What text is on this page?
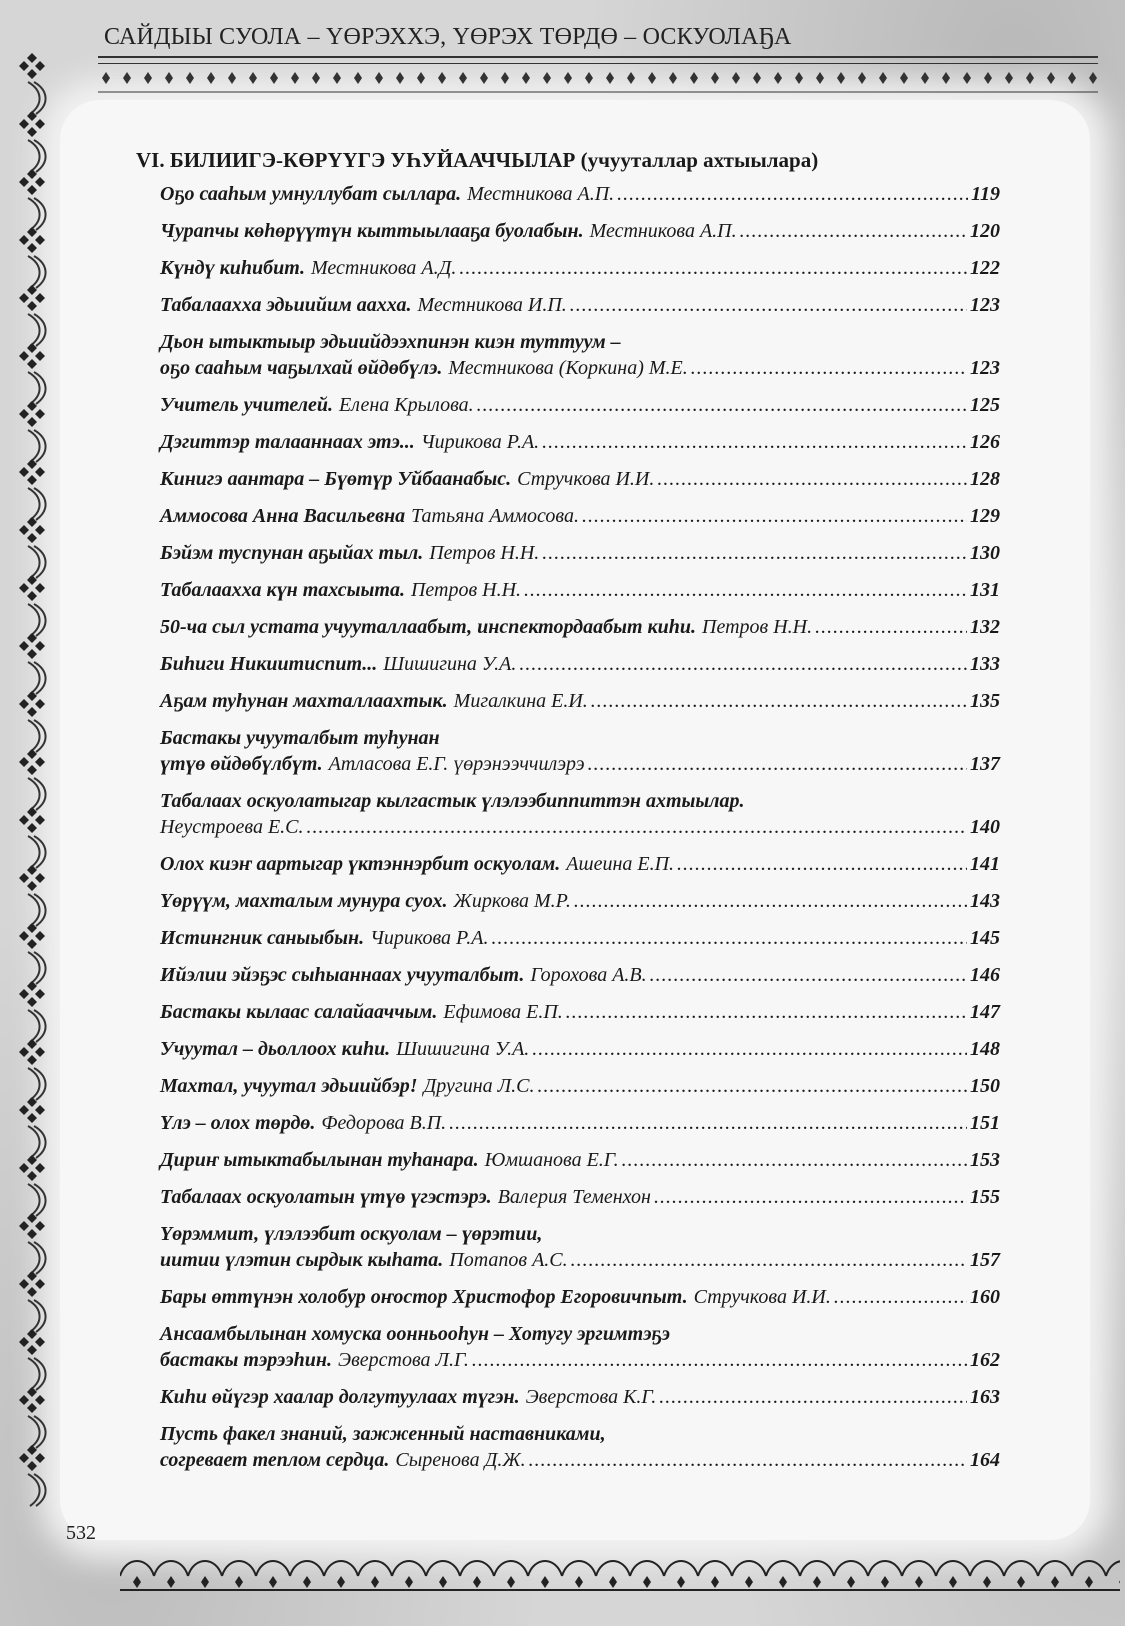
САЙДЫЫ СУОЛА – ҮӨРЭХХЭ, ҮӨРЭХ ТӨРДӨ – ОСКУОЛАҔА
532
VI. БИЛИИГЭ-КӨРҮҮГЭ УҺУЙААЧЧЫЛАР (учууталлар ахтыылара)
Оҕо сааһым умнуллубат сыллара. Местникова А.П. .....	119
Чурапчы көһөрүүтүн кыттыылааҕа буолабын. Местникова А.П. .....	120
Күндү киһибит. Местникова А.Д. .....	122
Табалаахха эдьиийим аахха. Местникова И.П. .....	123
Дьон ытыктыыр эдьиийдээхпинэн киэн туттуум –
оҕо сааһым чаҕылхай өйдөбүлэ. Местникова (Коркина) М.Е. .....	123
Учитель учителей. Елена Крылова. .....	125
Дэгиттэр талааннаах этэ... Чирикова Р.А. .....	126
Кинигэ аантара – Бүөтүр Уйбаанабыс. Стручкова И.И. .....	128
Аммосова Анна Васильевна Татьяна Аммосова. .....	129
Бэйэм туспунан аҕыйах тыл. Петров Н.Н. .....	130
Табалаахха күн тахсыыта. Петров Н.Н. .....	131
50-ча сыл устата учууталлаабыт, инспектордаабыт киһи. Петров Н.Н. .....	132
Биһиги Никиитиспит... Шишигина У.А. .....	133
Аҕам туһунан махталлаахтык. Мигалкина Е.И. .....	135
Бастакы учууталбыт туһунан
үтүө өйдөбүлбүт. Атласова Е.Г. үөрэнээччилэрэ .....	137
Табалаах оскуолатыгар кылгастык үлэлээбиппиттэн ахтыылар.
Неустроева Е.С. .....	140
Олох киэҥ аартыгар үктэннэрбит оскуолам. Ашеина Е.П. .....	141
Үөрүүм, махталым мунура суох. Жиркова М.Р. .....	143
Истингник саныыбын. Чирикова Р.А. .....	145
Ийэлии эйэҕэс сыһыаннаах учууталбыт. Горохова А.В. .....	146
Бастакы кылаас салайааччым. Ефимова Е.П. .....	147
Учуутал – дьоллоох киһи. Шишигина У.А. .....	148
Махтал, учуутал эдьиийбэр! Другина Л.С. .....	150
Үлэ – олох төрдө. Федорова В.П. .....	151
Дириҥ ытыктабылынан туһанара. Юмшанова Е.Г. .....	153
Табалаах оскуолатын үтүө үгэстэрэ. Валерия Теменхон .....	155
Үөрэммит, үлэлээбит оскуолам – үөрэтии,
иитии үлэтин сырдык кыһата. Потапов А.С. .....	157
Бары өттүнэн холобур оҥостор Христофор Егоровичпыт. Стручкова И.И. .....	160
Ансаамбылынан хомуска оонньооһун – Хотугу эргимтэҕэ
бастакы тэрээһин. Эверстова Л.Г. .....	162
Киһи өйүгэр хаалар долгутуулаах түгэн. Эверстова К.Г. .....	163
Пусть факел знаний, зажженный наставниками,
согревает теплом сердца. Сыренова Д.Ж. .....	164
